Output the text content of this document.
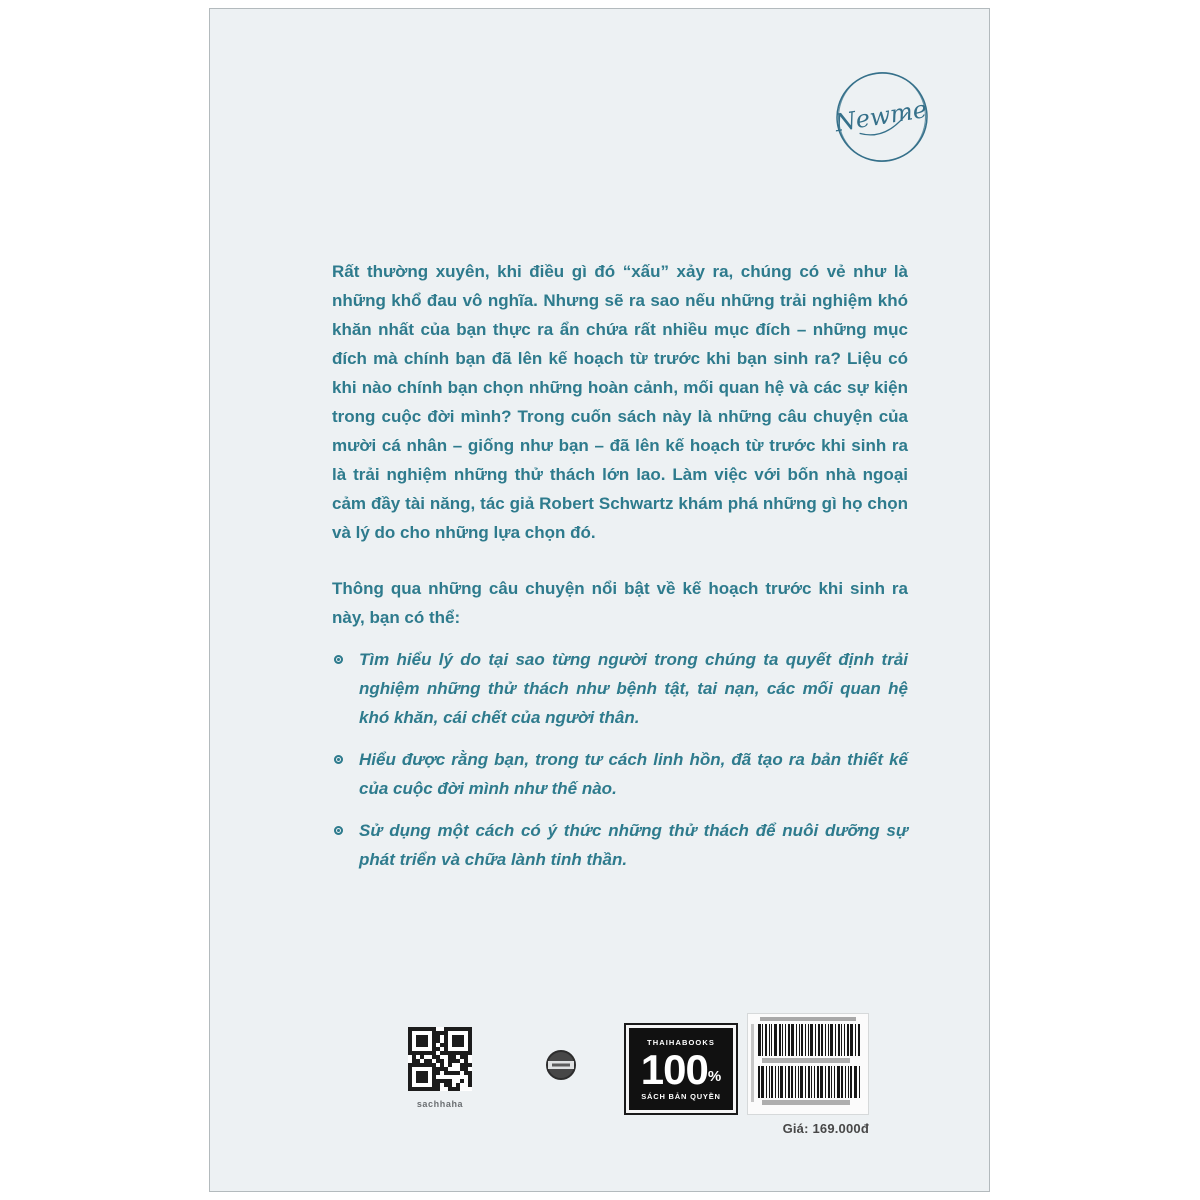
Newme

Rất thường xuyên, khi điều gì đó “xấu” xảy ra, chúng có vẻ như là những khổ đau vô nghĩa. Nhưng sẽ ra sao nếu những trải nghiệm khó khăn nhất của bạn thực ra ẩn chứa rất nhiều mục đích – những mục đích mà chính bạn đã lên kế hoạch từ trước khi bạn sinh ra? Liệu có khi nào chính bạn chọn những hoàn cảnh, mối quan hệ và các sự kiện trong cuộc đời mình? Trong cuốn sách này là những câu chuyện của mười cá nhân – giống như bạn – đã lên kế hoạch từ trước khi sinh ra là trải nghiệm những thử thách lớn lao. Làm việc với bốn nhà ngoại cảm đầy tài năng, tác giả Robert Schwartz khám phá những gì họ chọn và lý do cho những lựa chọn đó.

Thông qua những câu chuyện nổi bật về kế hoạch trước khi sinh ra này, bạn có thể:

Tìm hiểu lý do tại sao từng người trong chúng ta quyết định trải nghiệm những thử thách như bệnh tật, tai nạn, các mối quan hệ khó khăn, cái chết của người thân.
Hiểu được rằng bạn, trong tư cách linh hồn, đã tạo ra bản thiết kế của cuộc đời mình như thế nào.
Sử dụng một cách có ý thức những thử thách để nuôi dưỡng sự phát triển và chữa lành tinh thần.
sachhaha
THAIHABOOKS
100 %
SÁCH BẢN QUYỀN
Giá: 169.000đ
